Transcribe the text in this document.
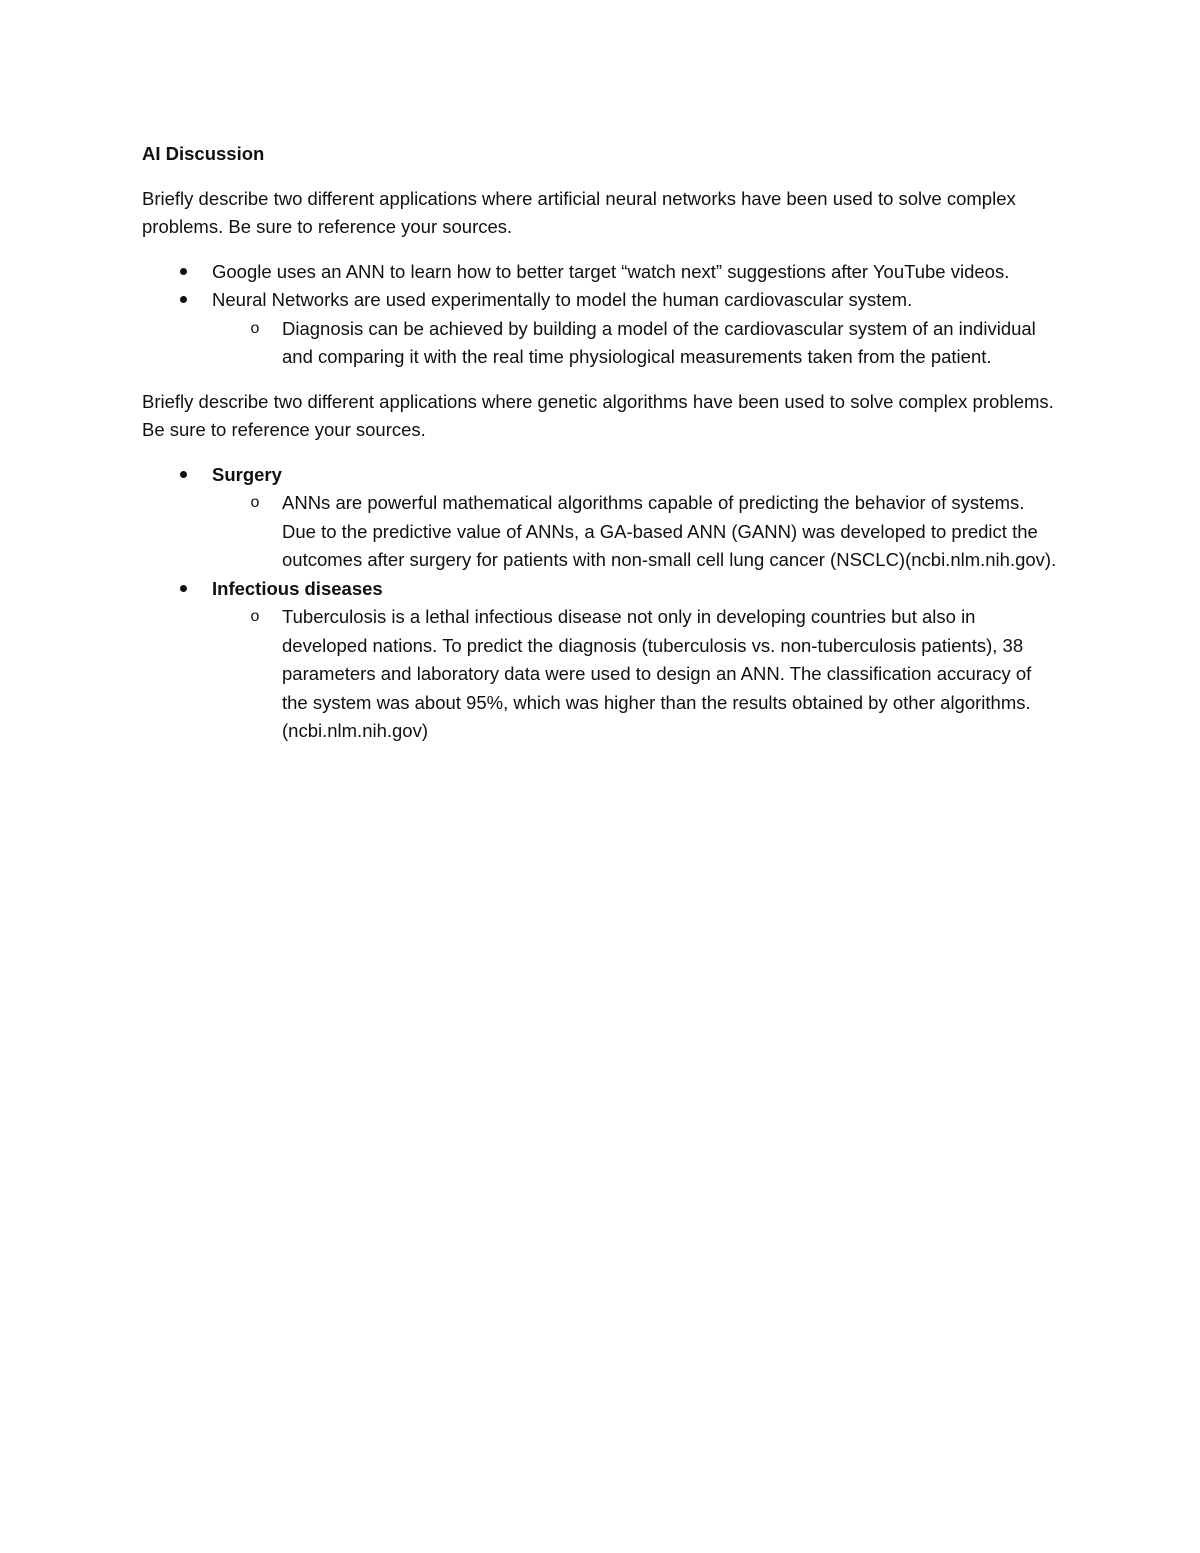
AI Discussion
Briefly describe two different applications where artificial neural networks have been used to solve complex problems. Be sure to reference your sources.
Google uses an ANN to learn how to better target “watch next” suggestions after YouTube videos.
Neural Networks are used experimentally to model the human cardiovascular system.
o Diagnosis can be achieved by building a model of the cardiovascular system of an individual and comparing it with the real time physiological measurements taken from the patient.
Briefly describe two different applications where genetic algorithms have been used to solve complex problems. Be sure to reference your sources.
Surgery
o ANNs are powerful mathematical algorithms capable of predicting the behavior of systems. Due to the predictive value of ANNs, a GA-based ANN (GANN) was developed to predict the outcomes after surgery for patients with non-small cell lung cancer (NSCLC)(ncbi.nlm.nih.gov).
Infectious diseases
o Tuberculosis is a lethal infectious disease not only in developing countries but also in developed nations. To predict the diagnosis (tuberculosis vs. non-tuberculosis patients), 38 parameters and laboratory data were used to design an ANN. The classification accuracy of the system was about 95%, which was higher than the results obtained by other algorithms. (ncbi.nlm.nih.gov)
